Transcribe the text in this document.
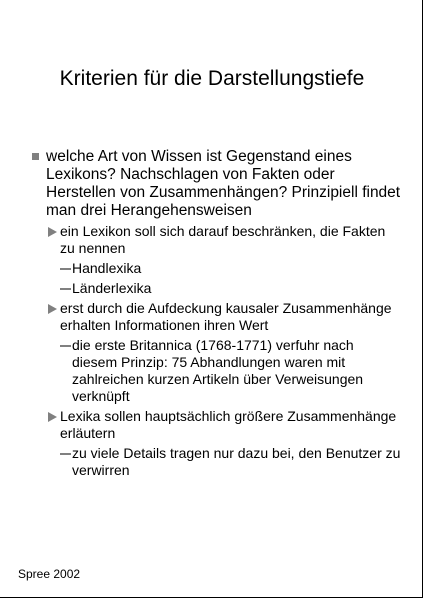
Kriterien für die Darstellungstiefe
welche Art von Wissen ist Gegenstand eines Lexikons? Nachschlagen von Fakten oder Herstellen von Zusammenhängen? Prinzipiell findet man drei Herangehensweisen
ein Lexikon soll sich darauf beschränken, die Fakten zu nennen
Handlexika
Länderlexika
erst durch die Aufdeckung kausaler Zusammenhänge erhalten Informationen ihren Wert
die erste Britannica (1768-1771) verfuhr nach diesem Prinzip: 75 Abhandlungen waren mit zahlreichen kurzen Artikeln über Verweisungen verknüpft
Lexika sollen hauptsächlich größere Zusammenhänge erläutern
zu viele Details tragen nur dazu bei, den Benutzer zu verwirren
Spree 2002
